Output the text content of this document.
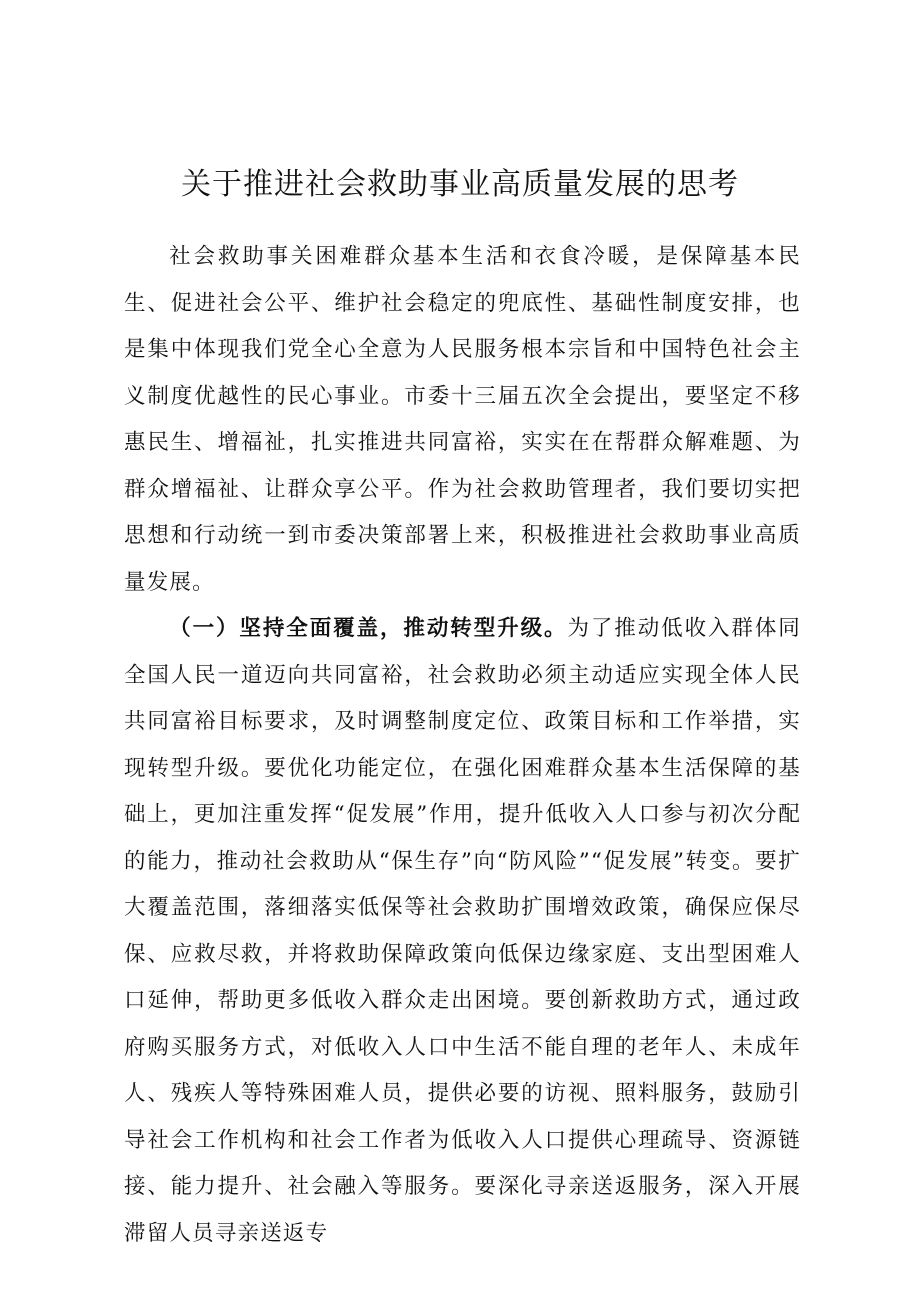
关于推进社会救助事业高质量发展的思考

社会救助事关困难群众基本生活和衣食冷暖，是保障基本民生、促进社会公平、维护社会稳定的兜底性、基础性制度安排，也是集中体现我们党全心全意为人民服务根本宗旨和中国特色社会主义制度优越性的民心事业。市委十三届五次全会提出，要坚定不移惠民生、增福祉，扎实推进共同富裕，实实在在帮群众解难题、为群众增福祉、让群众享公平。作为社会救助管理者，我们要切实把思想和行动统一到市委决策部署上来，积极推进社会救助事业高质量发展。

（一）坚持全面覆盖，推动转型升级。为了推动低收入群体同全国人民一道迈向共同富裕，社会救助必须主动适应实现全体人民共同富裕目标要求，及时调整制度定位、政策目标和工作举措，实现转型升级。要优化功能定位，在强化困难群众基本生活保障的基础上，更加注重发挥“促发展”作用，提升低收入人口参与初次分配的能力，推动社会救助从“保生存”向“防风险”“促发展”转变。要扩大覆盖范围，落细落实低保等社会救助扩围增效政策，确保应保尽保、应救尽救，并将救助保障政策向低保边缘家庭、支出型困难人口延伸，帮助更多低收入群众走出困境。要创新救助方式，通过政府购买服务方式，对低收入人口中生活不能自理的老年人、未成年人、残疾人等特殊困难人员，提供必要的访视、照料服务，鼓励引导社会工作机构和社会工作者为低收入人口提供心理疏导、资源链接、能力提升、社会融入等服务。要深化寻亲送返服务，深入开展滞留人员寻亲送返专
